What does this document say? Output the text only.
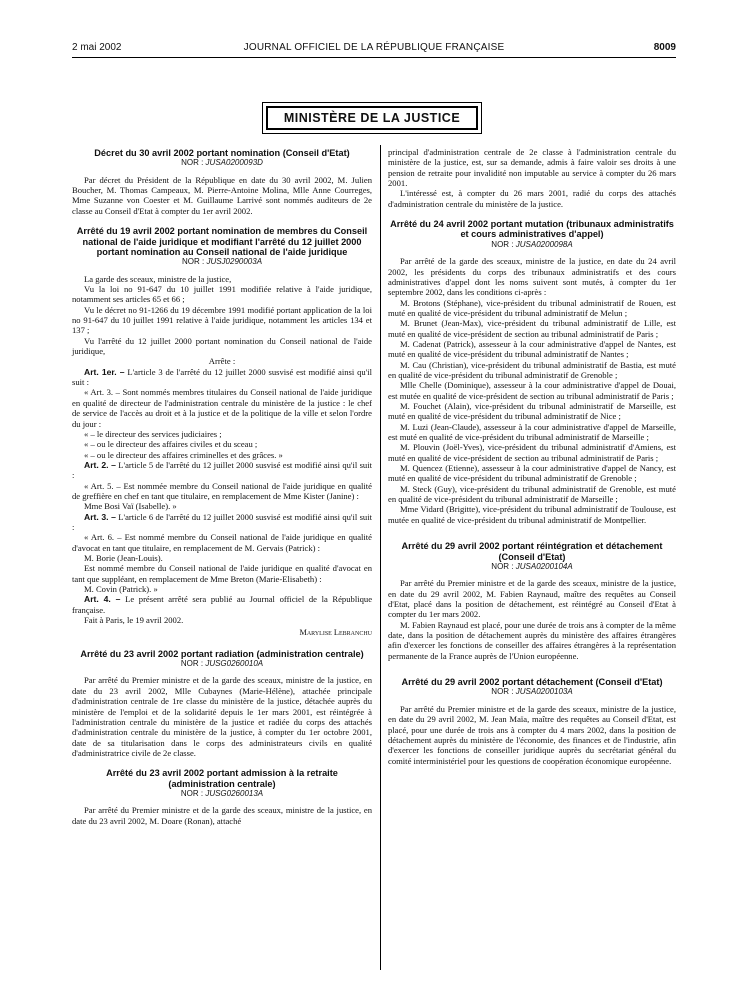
2 mai 2002	JOURNAL OFFICIEL DE LA RÉPUBLIQUE FRANÇAISE	8009
MINISTÈRE DE LA JUSTICE
Décret du 30 avril 2002 portant nomination (Conseil d'Etat)
NOR : JUSA0200093D

Par décret du Président de la République en date du 30 avril 2002, M. Julien Boucher, M. Thomas Campeaux, M. Pierre-Antoine Molina, Mlle Anne Courreges, Mme Suzanne von Coester et M. Guillaume Larrivé sont nommés auditeurs de 2e classe au Conseil d'Etat à compter du 1er avril 2002.

Arrêté du 19 avril 2002 portant nomination de membres du Conseil national de l'aide juridique et modifiant l'arrêté du 12 juillet 2000 portant nomination au Conseil national de l'aide juridique
NOR : JUSJ0290003A

La garde des sceaux, ministre de la justice,

Vu la loi no 91-647 du 10 juillet 1991 modifiée relative à l'aide juridique, notamment ses articles 65 et 66 ;

Vu le décret no 91-1266 du 19 décembre 1991 modifié portant application de la loi no 91-647 du 10 juillet 1991 relative à l'aide juridique, notamment les articles 134 et 137 ;

Vu l'arrêté du 12 juillet 2000 portant nomination du Conseil national de l'aide juridique,

Arrête :

Art. 1er. – L'article 3 de l'arrêté du 12 juillet 2000 susvisé est modifié ainsi qu'il suit :

« Art. 3. – Sont nommés membres titulaires du Conseil national de l'aide juridique en qualité de directeur de l'administration centrale du ministère de la justice : le chef de service de l'accès au droit et à la justice et de la politique de la ville et selon l'ordre du jour :

« – le directeur des services judiciaires ;

« – ou le directeur des affaires civiles et du sceau ;

« – ou le directeur des affaires criminelles et des grâces. »

Art. 2. – L'article 5 de l'arrêté du 12 juillet 2000 susvisé est modifié ainsi qu'il suit :

« Art. 5. – Est nommée membre du Conseil national de l'aide juridique en qualité de greffière en chef en tant que titulaire, en remplacement de Mme Kister (Janine) :

Mme Bosi Vaï (Isabelle). »

Art. 3. – L'article 6 de l'arrêté du 12 juillet 2000 susvisé est modifié ainsi qu'il suit :

« Art. 6. – Est nommé membre du Conseil national de l'aide juridique en qualité d'avocat en tant que titulaire, en remplacement de M. Gervais (Patrick) :

M. Borie (Jean-Louis).

Est nommé membre du Conseil national de l'aide juridique en qualité d'avocat en tant que suppléant, en remplacement de Mme Breton (Marie-Elisabeth) :

M. Covin (Patrick). »

Art. 4. – Le présent arrêté sera publié au Journal officiel de la République française.

Fait à Paris, le 19 avril 2002.

Marylise Lebranchu

Arrêté du 23 avril 2002 portant radiation (administration centrale)
NOR : JUSG0260010A

Par arrêté du Premier ministre et de la garde des sceaux, ministre de la justice, en date du 23 avril 2002, Mlle Cubaynes (Marie-Hélène), attachée principale d'administration centrale de 1re classe du ministère de la justice, détachée auprès du ministère de l'emploi et de la solidarité depuis le 1er mars 2001, est réintégrée à l'administration centrale du ministère de la justice et radiée du corps des attachés d'administration centrale du ministère de la justice, à compter du 1er octobre 2001, date de sa titularisation dans le corps des administrateurs civils en qualité d'administratrice civile de 2e classe.

Arrêté du 23 avril 2002 portant admission à la retraite (administration centrale)
NOR : JUSG0260013A

Par arrêté du Premier ministre et de la garde des sceaux, ministre de la justice, en date du 23 avril 2002, M. Doare (Ronan), attaché

principal d'administration centrale de 2e classe à l'administration centrale du ministère de la justice, est, sur sa demande, admis à faire valoir ses droits à une pension de retraite pour invalidité non imputable au service à compter du 26 mars 2001.

L'intéressé est, à compter du 26 mars 2001, radié du corps des attachés d'administration centrale du ministère de la justice.

Arrêté du 24 avril 2002 portant mutation (tribunaux administratifs et cours administratives d'appel)
NOR : JUSA0200098A

Par arrêté de la garde des sceaux, ministre de la justice, en date du 24 avril 2002, les présidents du corps des tribunaux administratifs et des cours administratives d'appel dont les noms suivent sont mutés, à compter du 1er septembre 2002, dans les conditions ci-après :

M. Brotons (Stéphane), vice-président du tribunal administratif de Rouen, est muté en qualité de vice-président du tribunal administratif de Melun ;

M. Brunet (Jean-Max), vice-président du tribunal administratif de Lille, est muté en qualité de vice-président de section au tribunal administratif de Paris ;

M. Cadenat (Patrick), assesseur à la cour administrative d'appel de Nantes, est muté en qualité de vice-président du tribunal administratif de Nantes ;

M. Cau (Christian), vice-président du tribunal administratif de Bastia, est muté en qualité de vice-président du tribunal administratif de Grenoble ;

Mlle Chelle (Dominique), assesseur à la cour administrative d'appel de Douai, est mutée en qualité de vice-président de section au tribunal administratif de Paris ;

M. Fouchet (Alain), vice-président du tribunal administratif de Marseille, est muté en qualité de vice-président du tribunal administratif de Nice ;

M. Luzi (Jean-Claude), assesseur à la cour administrative d'appel de Marseille, est muté en qualité de vice-président du tribunal administratif de Marseille ;

M. Plouvin (Joël-Yves), vice-président du tribunal administratif d'Amiens, est muté en qualité de vice-président de section au tribunal administratif de Paris ;

M. Quencez (Etienne), assesseur à la cour administrative d'appel de Nancy, est muté en qualité de vice-président du tribunal administratif de Grenoble ;

M. Steck (Guy), vice-président du tribunal administratif de Grenoble, est muté en qualité de vice-président du tribunal administratif de Marseille ;

Mme Vidard (Brigitte), vice-président du tribunal administratif de Toulouse, est mutée en qualité de vice-président du tribunal administratif de Montpellier.

Arrêté du 29 avril 2002 portant réintégration et détachement (Conseil d'Etat)
NOR : JUSA0200104A

Par arrêté du Premier ministre et de la garde des sceaux, ministre de la justice, en date du 29 avril 2002, M. Fabien Raynaud, maître des requêtes au Conseil d'Etat, placé dans la position de détachement, est réintégré au Conseil d'Etat à compter du 1er mars 2002.

M. Fabien Raynaud est placé, pour une durée de trois ans à compter de la même date, dans la position de détachement auprès du ministère des affaires étrangères afin d'exercer les fonctions de conseiller des affaires étrangères à la représentation permanente de la France auprès de l'Union européenne.

Arrêté du 29 avril 2002 portant détachement (Conseil d'Etat)
NOR : JUSA0200103A

Par arrêté du Premier ministre et de la garde des sceaux, ministre de la justice, en date du 29 avril 2002, M. Jean Maïa, maître des requêtes au Conseil d'Etat, est placé, pour une durée de trois ans à compter du 4 mars 2002, dans la position de détachement auprès du ministère de l'économie, des finances et de l'industrie, afin d'exercer les fonctions de conseiller juridique auprès du secrétariat général du comité interministériel pour les questions de coopération économique européenne.
